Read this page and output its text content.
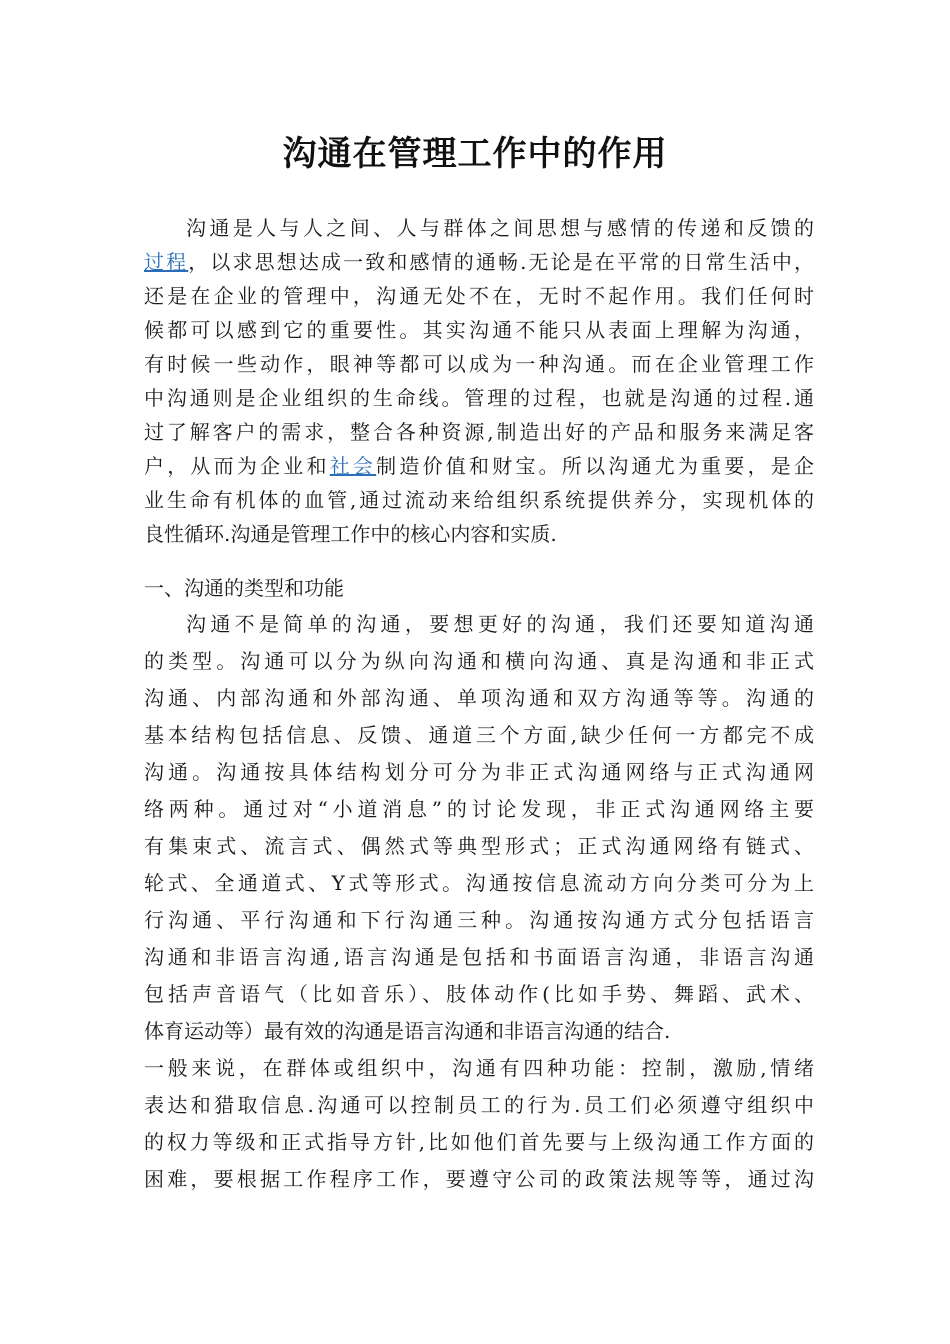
沟通在管理工作中的作用
沟通是人与人之间、人与群体之间思想与感情的传递和反馈的
过程，以求思想达成一致和感情的通畅.无论是在平常的日常生活中，
还是在企业的管理中，沟通无处不在，无时不起作用。我们任何时
候都可以感到它的重要性。其实沟通不能只从表面上理解为沟通，
有时候一些动作，眼神等都可以成为一种沟通。而在企业管理工作
中沟通则是企业组织的生命线。管理的过程，也就是沟通的过程.通
过了解客户的需求，整合各种资源,制造出好的产品和服务来满足客
户，从而为企业和社会制造价值和财宝。所以沟通尤为重要，是企
业生命有机体的血管,通过流动来给组织系统提供养分，实现机体的
良性循环.沟通是管理工作中的核心内容和实质.
一、沟通的类型和功能
沟通不是简单的沟通，要想更好的沟通，我们还要知道沟通
的类型。沟通可以分为纵向沟通和横向沟通、真是沟通和非正式
沟通、内部沟通和外部沟通、单项沟通和双方沟通等等。沟通的
基本结构包括信息、反馈、通道三个方面,缺少任何一方都完不成
沟通。沟通按具体结构划分可分为非正式沟通网络与正式沟通网
络两种。通过对“小道消息”的讨论发现，非正式沟通网络主要
有集束式、流言式、偶然式等典型形式；正式沟通网络有链式、
轮式、全通道式、Y式等形式。沟通按信息流动方向分类可分为上
行沟通、平行沟通和下行沟通三种。沟通按沟通方式分包括语言
沟通和非语言沟通,语言沟通是包括和书面语言沟通，非语言沟通
包括声音语气（比如音乐）、肢体动作(比如手势、舞蹈、武术、
体育运动等）最有效的沟通是语言沟通和非语言沟通的结合.
一般来说，在群体或组织中，沟通有四种功能：控制，激励,情绪
表达和猎取信息.沟通可以控制员工的行为.员工们必须遵守组织中
的权力等级和正式指导方针,比如他们首先要与上级沟通工作方面的
困难，要根据工作程序工作，要遵守公司的政策法规等等，通过沟
